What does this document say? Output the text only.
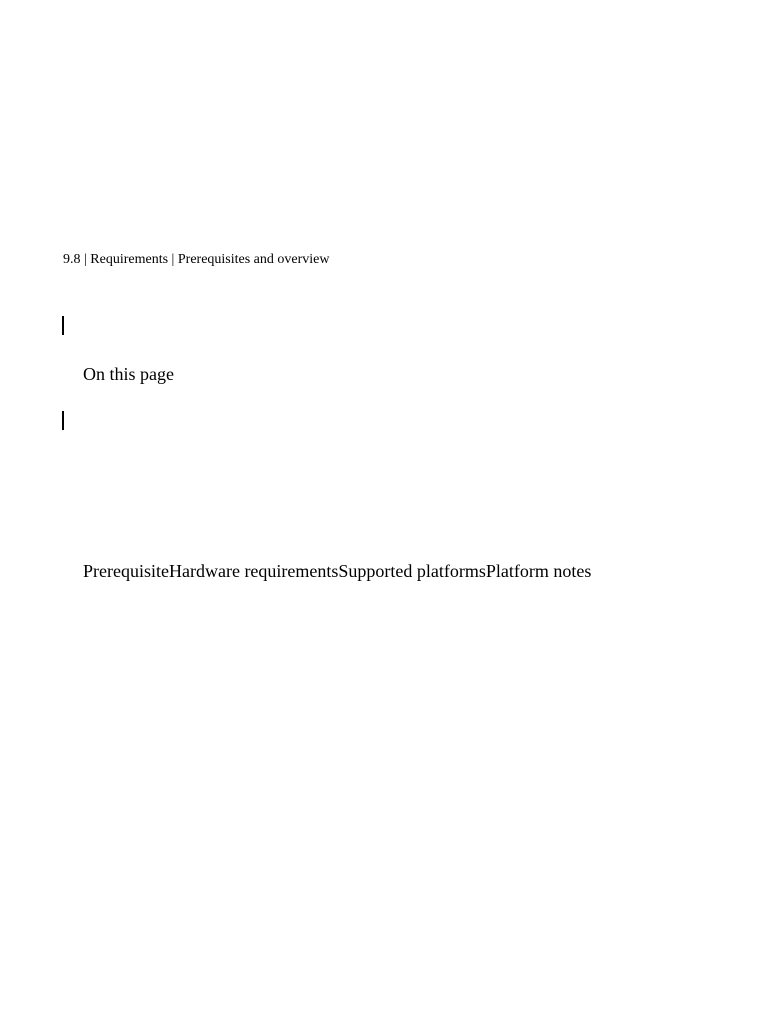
9.8 | Requirements | Prerequisites and overview
On this page
Prerequisite Hardware requirements Supported platforms Platform notes
